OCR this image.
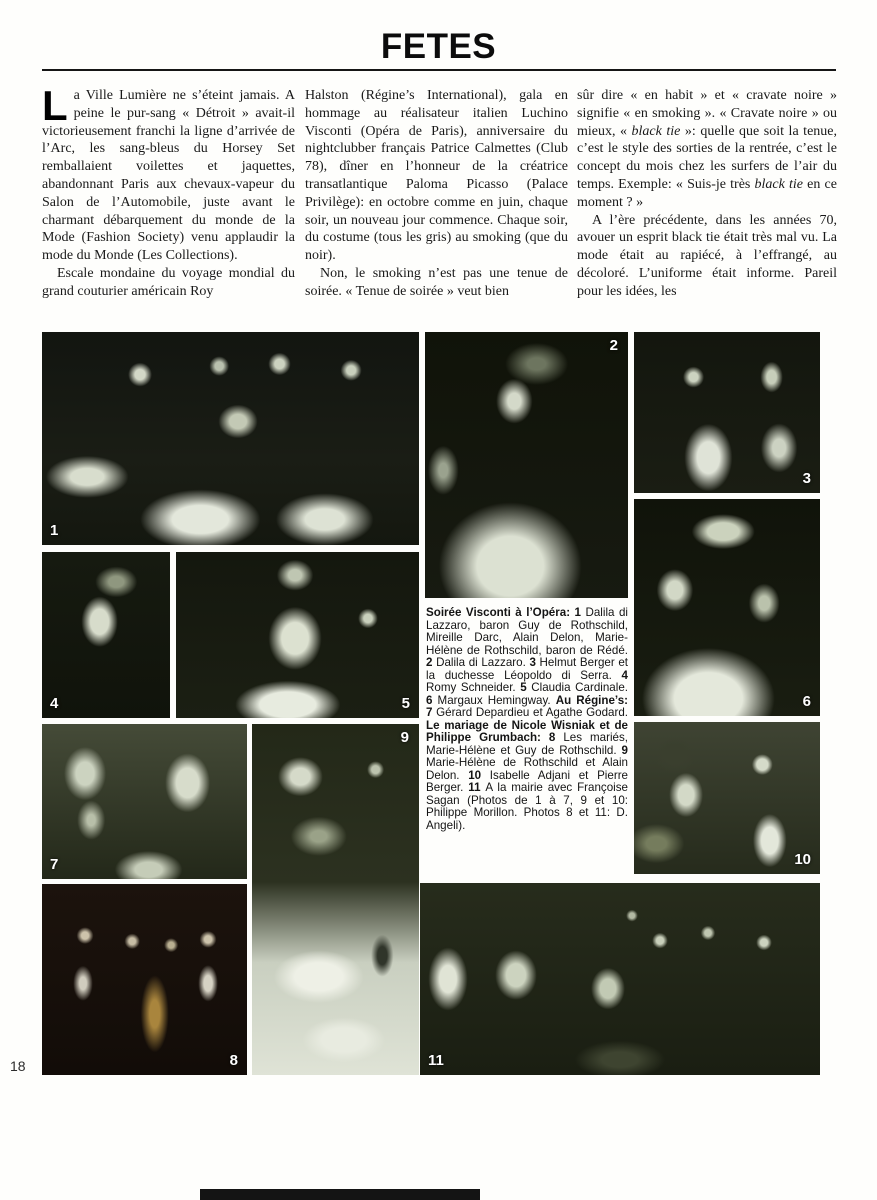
FETES

La Ville Lumière ne s’éteint jamais. A peine le pur-sang « Détroit » avait-il victorieusement franchi la ligne d’arrivée de l’Arc, les sang-bleus du Horsey Set remballaient voilettes et jaquettes, abandonnant Paris aux chevaux-vapeur du Salon de l’Automobile, juste avant le charmant débarquement du monde de la Mode (Fashion Society) venu applaudir la mode du Monde (Les Collections).

Escale mondaine du voyage mondial du grand couturier américain Roy

Halston (Régine’s International), gala en hommage au réalisateur italien Luchino Visconti (Opéra de Paris), anniversaire du nightclubber français Patrice Calmettes (Club 78), dîner en l’honneur de la créatrice transatlantique Paloma Picasso (Palace Privilège): en octobre comme en juin, chaque soir, un nouveau jour commence. Chaque soir, du costume (tous les gris) au smoking (que du noir).

Non, le smoking n’est pas une tenue de soirée. « Tenue de soirée » veut bien

sûr dire « en habit » et « cravate noire » signifie « en smoking ». « Cravate noire » ou mieux, « black tie »: quelle que soit la tenue, c’est le style des sorties de la rentrée, c’est le concept du mois chez les surfers de l’air du temps. Exemple: « Suis-je très black tie en ce moment ? »

A l’ère précédente, dans les années 70, avouer un esprit black tie était très mal vu. La mode était au rapiécé, à l’effrangé, au décoloré. L’uniforme était informe. Pareil pour les idées, les

1
2
3
4	5	6
7
8
9
10
11
Soirée Visconti à l’Opéra: 1 Dalila di Lazzaro, baron Guy de Rothschild, Mireille Darc, Alain Delon, Marie-Hélène de Rothschild, baron de Rédé. 2 Dalila di Lazzaro. 3 Helmut Berger et la duchesse Léopoldo di Serra. 4 Romy Schneider. 5 Claudia Cardinale. 6 Margaux Hemingway. Au Régine’s: 7 Gérard Depardieu et Agathe Godard. Le mariage de Nicole Wisniak et de Philippe Grumbach: 8 Les mariés, Marie-Hélène et Guy de Rothschild. 9 Marie-Hélène de Rothschild et Alain Delon. 10 Isabelle Adjani et Pierre Berger. 11 A la mairie avec Françoise Sagan (Photos de 1 à 7, 9 et 10: Philippe Morillon. Photos 8 et 11: D. Angeli).
18
